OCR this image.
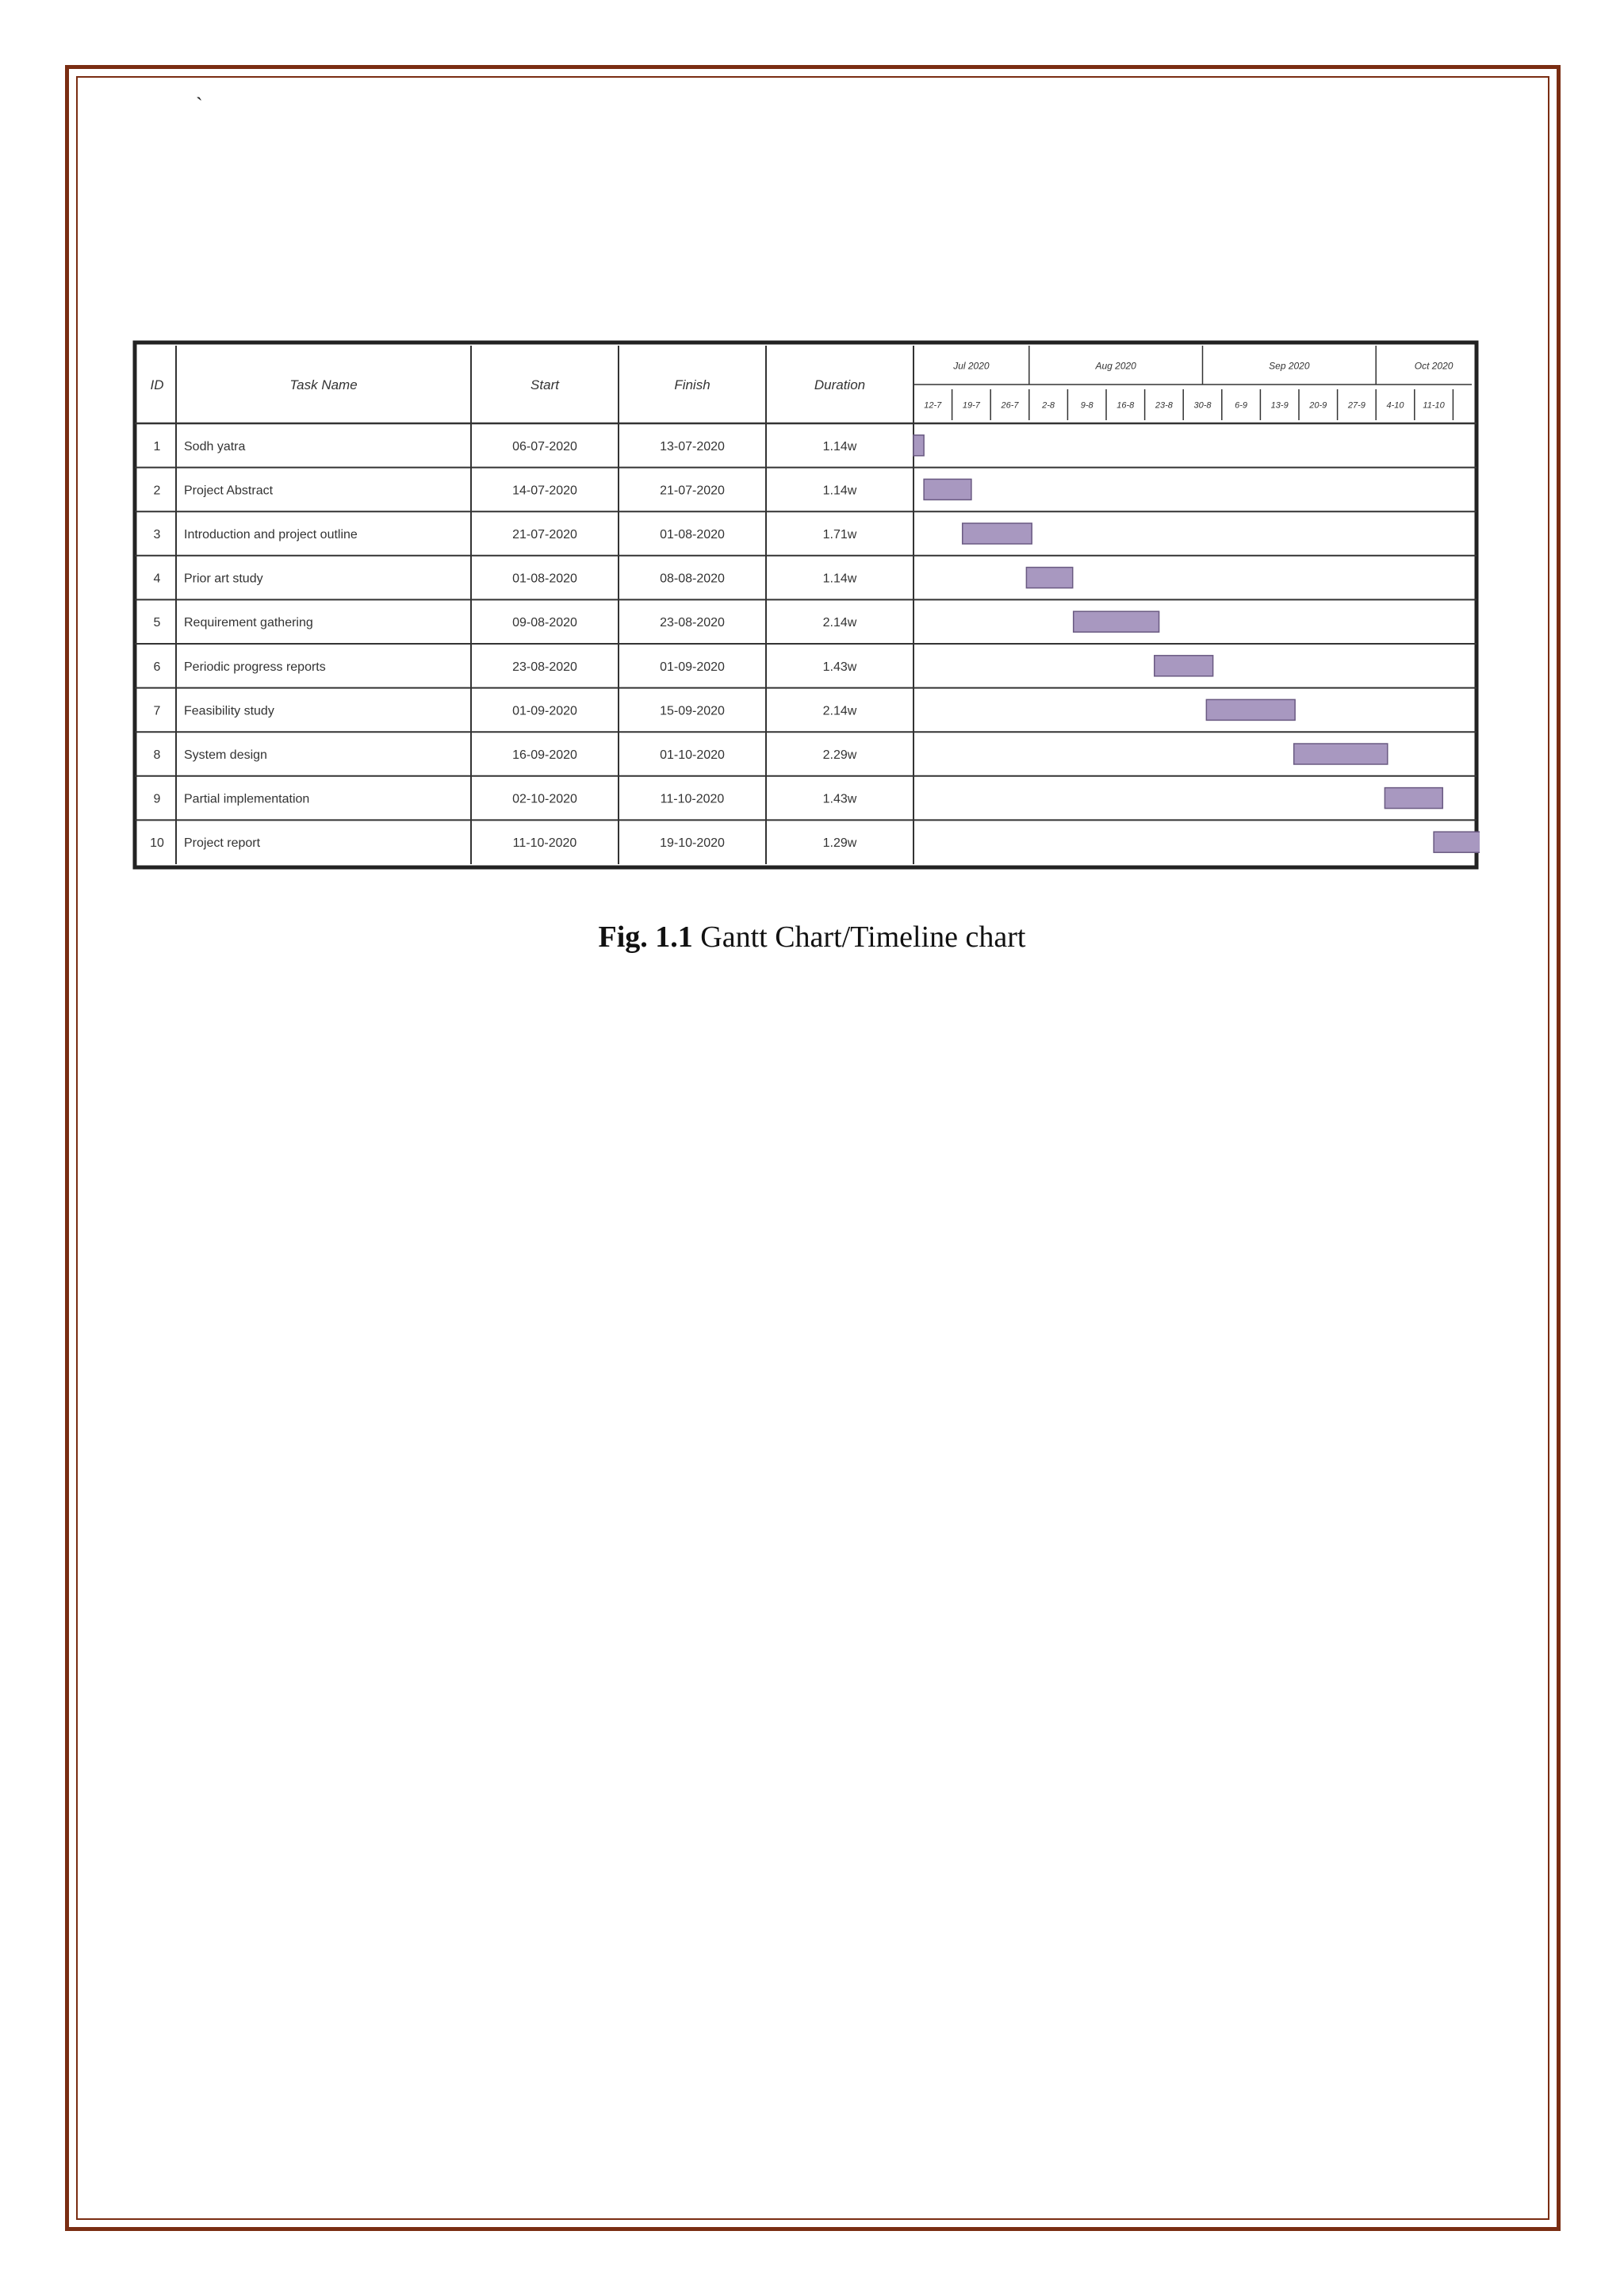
`
ID	Task Name	Start	Finish	Duration
Jul 2020	Aug 2020	Sep 2020	Oct 2020
12-7 19-7 26-7	2-8	9-8	16-8 23-8 30-8	6-9	13-9 20-9 27-9 4-10 11-10
1 Sodh yatra	06-07-2020	13-07-2020	1.14w
2 Project Abstract	14-07-2020	21-07-2020	1.14w
3 Introduction and project outline	21-07-2020	01-08-2020	1.71w
4 Prior art study	01-08-2020	08-08-2020	1.14w
5 Requirement gathering	09-08-2020	23-08-2020	2.14w
6 Periodic progress reports	23-08-2020	01-09-2020	1.43w
7 Feasibility study	01-09-2020	15-09-2020	2.14w
8 System design	16-09-2020	01-10-2020	2.29w
9 Partial implementation	02-10-2020	11-10-2020	1.43w
10 Project report	11-10-2020	19-10-2020	1.29w
Fig. 1.1 Gantt Chart/Timeline chart
